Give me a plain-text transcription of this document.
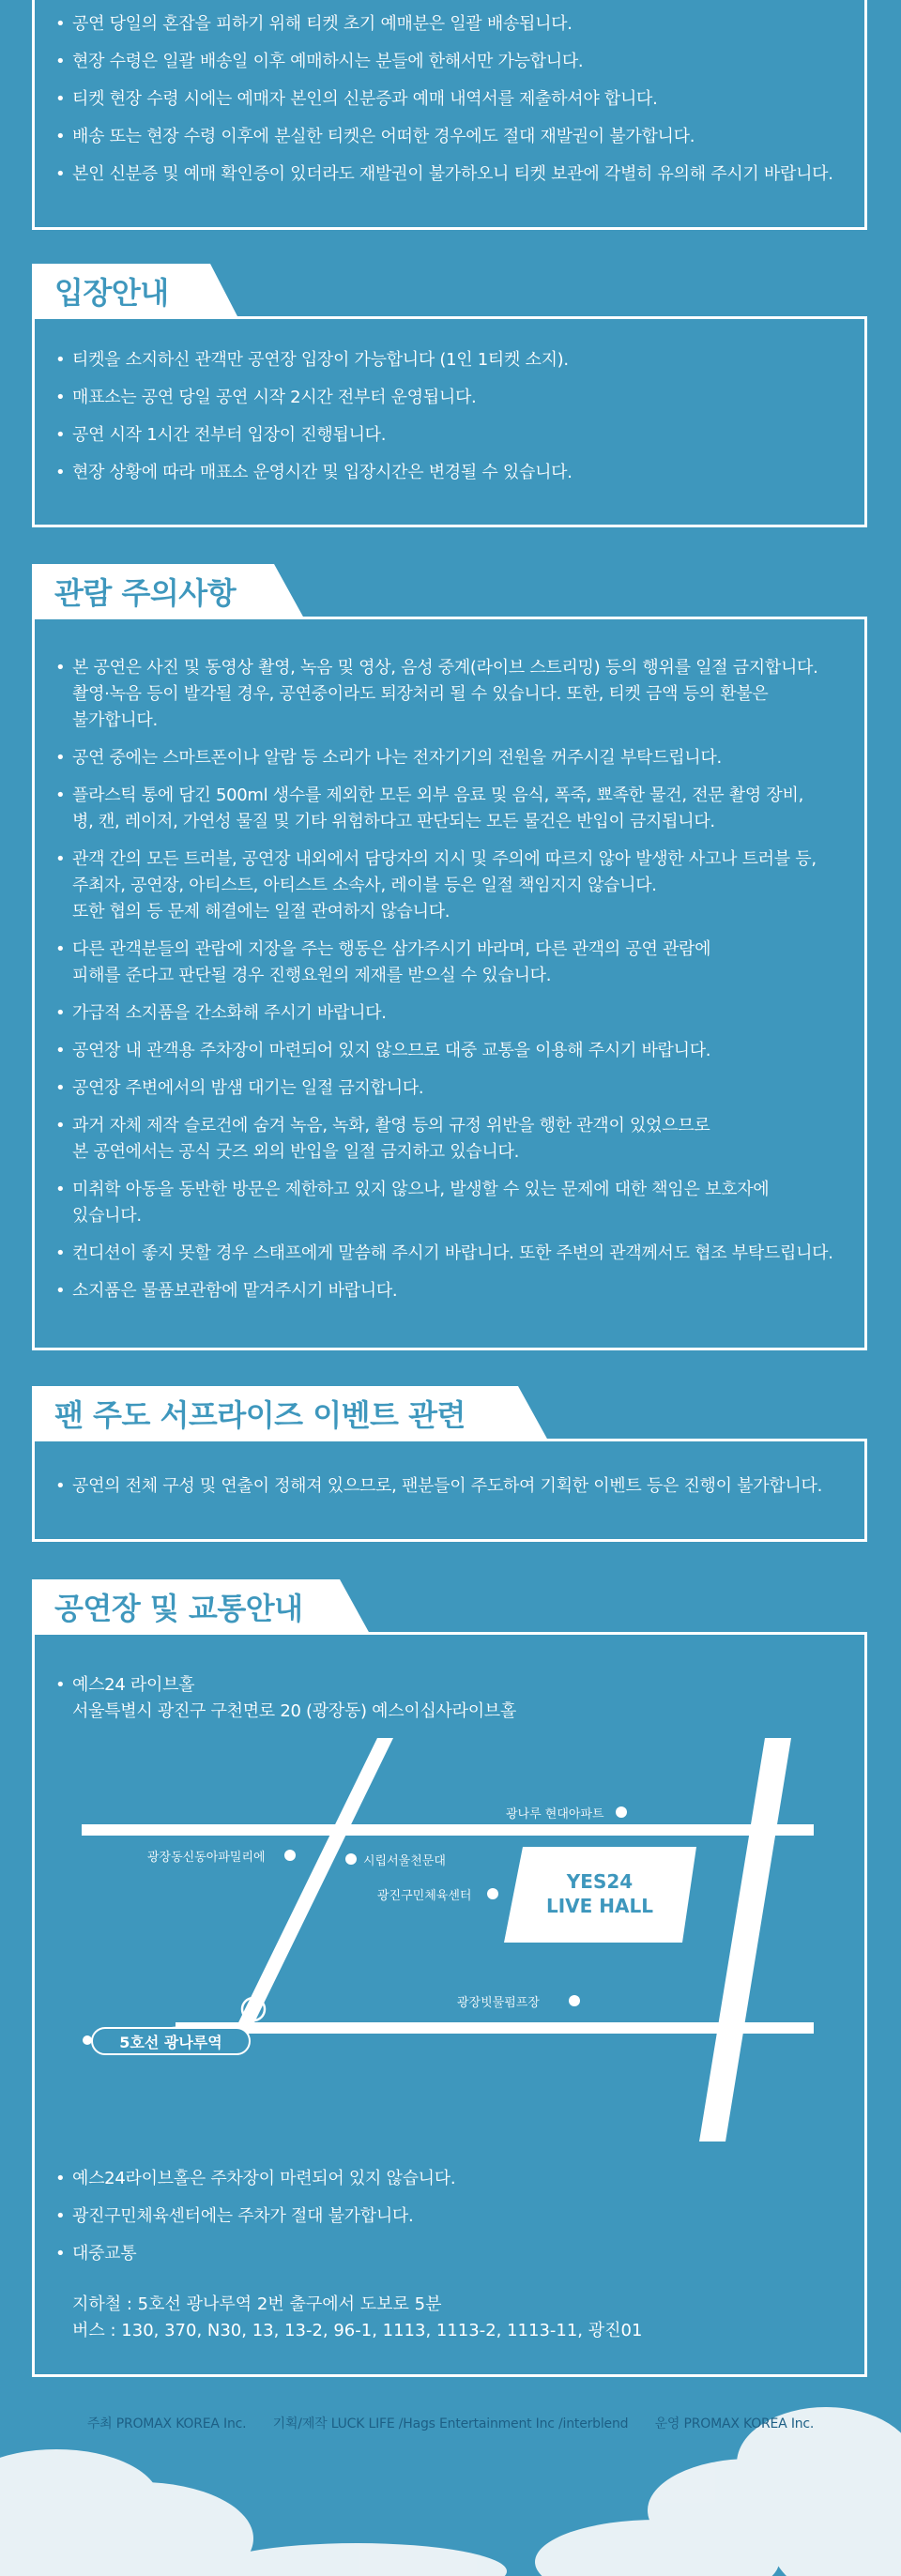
• 공연 당일의 혼잡을 피하기 위해 티켓 초기 예매분은 일괄 배송됩니다.
• 현장 수령은 일괄 배송일 이후 예매하시는 분들에 한해서만 가능합니다.
• 티켓 현장 수령 시에는 예매자 본인의 신분증과 예매 내역서를 제출하셔야 합니다.
• 배송 또는 현장 수령 이후에 분실한 티켓은 어떠한 경우에도 절대 재발권이 불가합니다.
• 본인 신분증 및 예매 확인증이 있더라도 재발권이 불가하오니 티켓 보관에 각별히 유의해 주시기 바랍니다.
입장안내
• 티켓을 소지하신 관객만 공연장 입장이 가능합니다 (1인 1티켓 소지).
• 매표소는 공연 당일 공연 시작 2시간 전부터 운영됩니다.
• 공연 시작 1시간 전부터 입장이 진행됩니다.
• 현장 상황에 따라 매표소 운영시간 및 입장시간은 변경될 수 있습니다.
관람 주의사항
• 본 공연은 사진 및 동영상 촬영, 녹음 및 영상, 음성 중계(라이브 스트리밍) 등의 행위를 일절 금지합니다.
촬영·녹음 등이 발각될 경우, 공연중이라도 퇴장처리 될 수 있습니다. 또한, 티켓 금액 등의 환불은
불가합니다.
• 공연 중에는 스마트폰이나 알람 등 소리가 나는 전자기기의 전원을 꺼주시길 부탁드립니다.
• 플라스틱 통에 담긴 500ml 생수를 제외한 모든 외부 음료 및 음식, 폭죽, 뾰족한 물건, 전문 촬영 장비,
병, 캔, 레이저, 가연성 물질 및 기타 위험하다고 판단되는 모든 물건은 반입이 금지됩니다.
• 관객 간의 모든 트러블, 공연장 내외에서 담당자의 지시 및 주의에 따르지 않아 발생한 사고나 트러블 등,
주최자, 공연장, 아티스트, 아티스트 소속사, 레이블 등은 일절 책임지지 않습니다.
또한 협의 등 문제 해결에는 일절 관여하지 않습니다.
• 다른 관객분들의 관람에 지장을 주는 행동은 삼가주시기 바라며, 다른 관객의 공연 관람에
피해를 준다고 판단될 경우 진행요원의 제재를 받으실 수 있습니다.
• 가급적 소지품을 간소화해 주시기 바랍니다.
• 공연장 내 관객용 주차장이 마련되어 있지 않으므로 대중 교통을 이용해 주시기 바랍니다.
• 공연장 주변에서의 밤샘 대기는 일절 금지합니다.
• 과거 자체 제작 슬로건에 숨겨 녹음, 녹화, 촬영 등의 규정 위반을 행한 관객이 있었으므로
본 공연에서는 공식 굿즈 외의 반입을 일절 금지하고 있습니다.
• 미취학 아동을 동반한 방문은 제한하고 있지 않으나, 발생할 수 있는 문제에 대한 책임은 보호자에
있습니다.
• 컨디션이 좋지 못할 경우 스태프에게 말씀해 주시기 바랍니다. 또한 주변의 관객께서도 협조 부탁드립니다.
• 소지품은 물품보관함에 맡겨주시기 바랍니다.
팬 주도 서프라이즈 이벤트 관련
• 공연의 전체 구성 및 연출이 정해져 있으므로, 팬분들이 주도하여 기획한 이벤트 등은 진행이 불가합니다.
공연장 및 교통안내
• 예스24 라이브홀
서울특별시 광진구 구천면로 20 (광장동) 예스이십사라이브홀
5호선 광나루역
2
YES24
LIVE HALL
광나루 현대아파트
광장동신동아파밀리에	시립서울천문대
광진구민체육센터
광장빗물펌프장
• 예스24라이브홀은 주차장이 마련되어 있지 않습니다.
• 광진구민체육센터에는 주차가 절대 불가합니다.
• 대중교통
지하철 : 5호선 광나루역 2번 출구에서 도보로 5분
버스 : 130, 370, N30, 13, 13-2, 96-1, 1113, 1113-2, 1113-11, 광진01
주최 PROMAX KOREA Inc. 기획/제작 LUCK LIFE /Hags Entertainment Inc /interblend 운영 PROMAX KOREA Inc.
